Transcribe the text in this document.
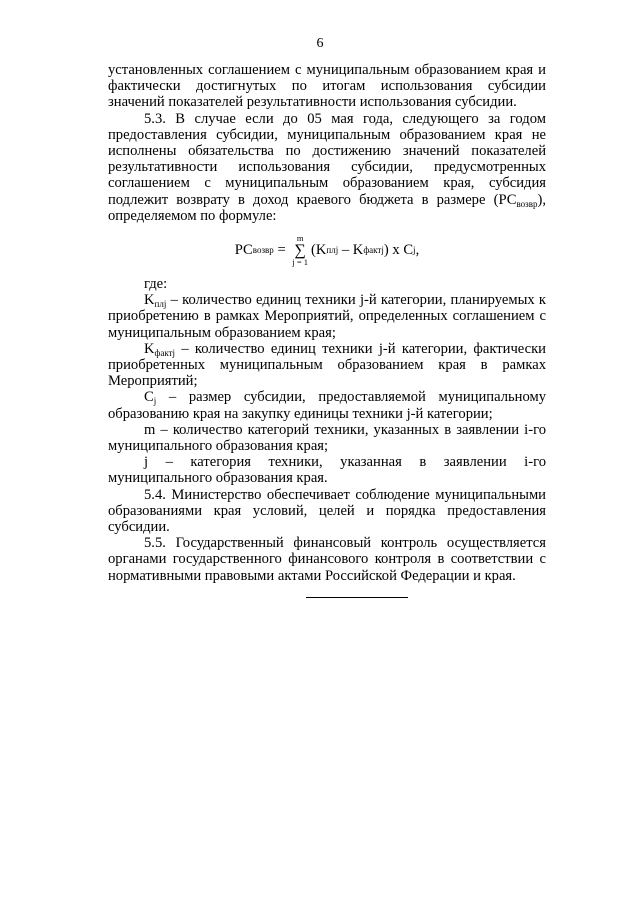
6

установленных соглашением с муниципальным образованием края и фактически достигнутых по итогам использования субсидии значений показателей результативности использования субсидии.

5.3. В случае если до 05 мая года, следующего за годом предоставления субсидии, муниципальным образованием края не исполнены обязательства по достижению значений показателей результативности использования субсидии, предусмотренных соглашением с муниципальным образованием края, субсидия подлежит возврату в доход краевого бюджета в размере $(РС_{возвр})$, определяемом по формуле:

РС возвр =
m
∑
j = 1
(K плj – K фактj ) x C j ,

где:

$K_{плj}$ – количество единиц техники j-й категории, планируемых к приобретению в рамках Мероприятий, определенных соглашением с муниципальным образованием края;

$K_{фактj}$ – количество единиц техники j-й категории, фактически приобретенных муниципальным образованием края в рамках Мероприятий;

$C_j$ – размер субсидии, предоставляемой муниципальному образованию края на закупку единицы техники j-й категории;

m – количество категорий техники, указанных в заявлении i-го муниципального образования края;

j – категория техники, указанная в заявлении i-го муниципального образования края.

5.4. Министерство обеспечивает соблюдение муниципальными образованиями края условий, целей и порядка предоставления субсидии.

5.5. Государственный финансовый контроль осуществляется органами государственного финансового контроля в соответствии с нормативными правовыми актами Российской Федерации и края.
